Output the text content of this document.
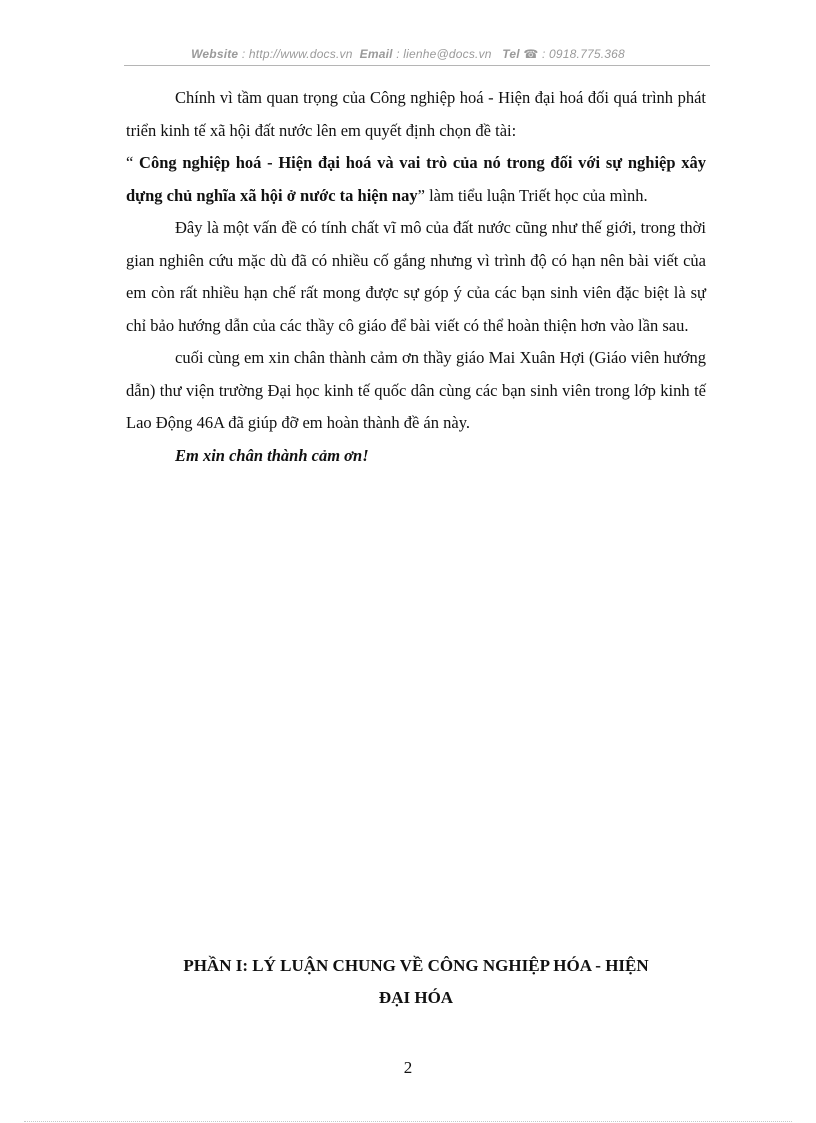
Website : http://www.docs.vn Email : lienhe@docs.vn Tel ☎ : 0918.775.368

Chính vì tầm quan trọng của Công nghiệp hoá - Hiện đại hoá đối quá trình phát triển kinh tế xã hội đất nước lên em quyết định chọn đề tài:

“ Công nghiệp hoá - Hiện đại hoá và vai trò của nó trong đối với sự nghiệp xây dựng chủ nghĩa xã hội ở nước ta hiện nay” làm tiểu luận Triết học của mình.

Đây là một vấn đề có tính chất vĩ mô của đất nước cũng như thế giới, trong thời gian nghiên cứu mặc dù đã có nhiều cố gắng nhưng vì trình độ có hạn nên bài viết của em còn rất nhiều hạn chế rất mong được sự góp ý của các bạn sinh viên đặc biệt là sự chỉ bảo hướng dẫn của các thầy cô giáo để bài viết có thể hoàn thiện hơn vào lần sau.

cuối cùng em xin chân thành cảm ơn thầy giáo Mai Xuân Hợi (Giáo viên hướng dẫn) thư viện trường Đại học kinh tế quốc dân cùng các bạn sinh viên trong lớp kinh tế Lao Động 46A đã giúp đỡ em hoàn thành đề án này.

Em xin chân thành cảm ơn!

PHẦN I: LÝ LUẬN CHUNG VỀ CÔNG NGHIỆP HÓA - HIỆN
ĐẠI HÓA
2
